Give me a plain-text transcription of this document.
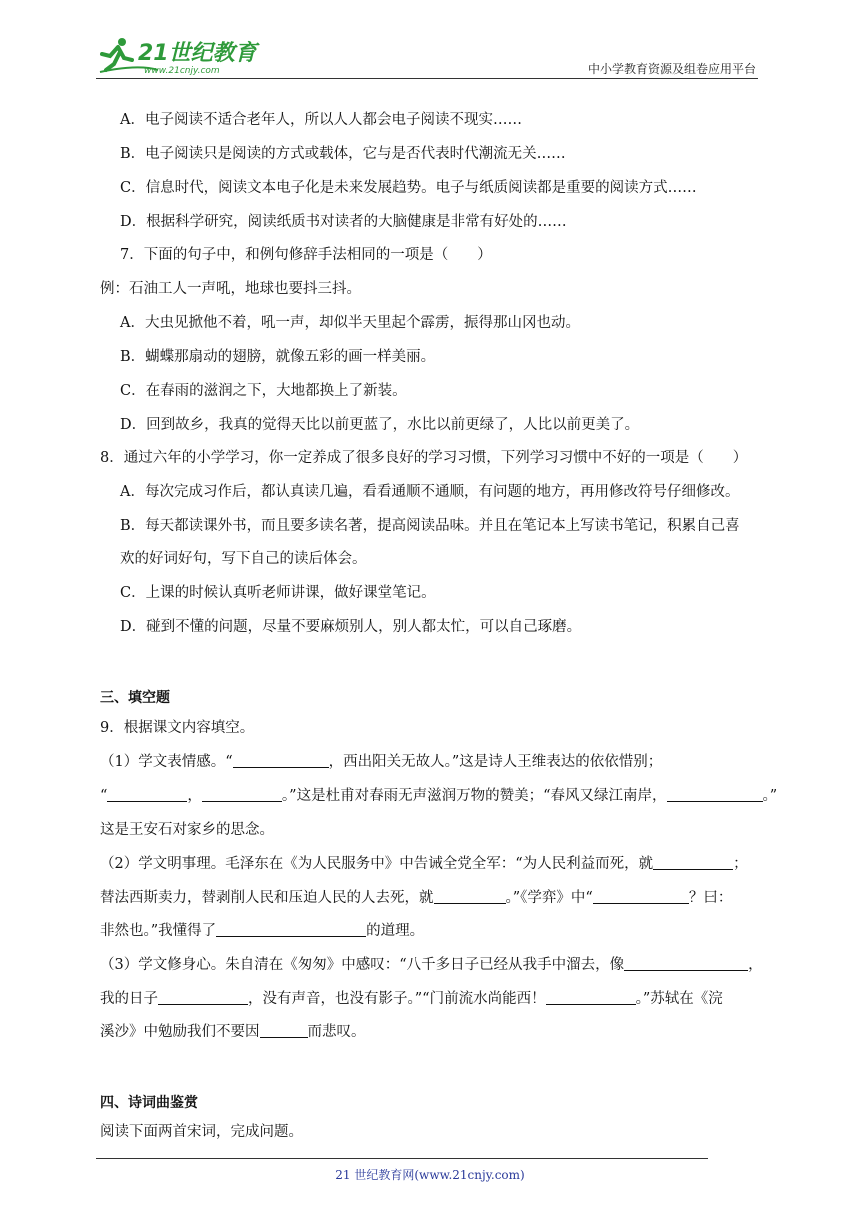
21世纪教育
www.21cnjy.com	中小学教育资源及组卷应用平台
A．电子阅读不适合老年人，所以人人都会电子阅读不现实……
B．电子阅读只是阅读的方式或载体，它与是否代表时代潮流无关……
C．信息时代，阅读文本电子化是未来发展趋势。电子与纸质阅读都是重要的阅读方式……
D．根据科学研究，阅读纸质书对读者的大脑健康是非常有好处的……
7．下面的句子中，和例句修辞手法相同的一项是（　　）
例：石油工人一声吼，地球也要抖三抖。
A．大虫见掀他不着，吼一声，却似半天里起个霹雳，振得那山冈也动。
B．蝴蝶那扇动的翅膀，就像五彩的画一样美丽。
C．在春雨的滋润之下，大地都换上了新装。
D．回到故乡，我真的觉得天比以前更蓝了，水比以前更绿了，人比以前更美了。
8．通过六年的小学学习，你一定养成了很多良好的学习习惯，下列学习习惯中不好的一项是（　　）
A．每次完成习作后，都认真读几遍，看看通顺不通顺，有问题的地方，再用修改符号仔细修改。
B．每天都读课外书，而且要多读名著，提高阅读品味。并且在笔记本上写读书笔记，积累自己喜
欢的好词好句，写下自己的读后体会。
C．上课的时候认真听老师讲课，做好课堂笔记。
D．碰到不懂的问题，尽量不要麻烦别人，别人都太忙，可以自己琢磨。
三、填空题
9．根据课文内容填空。
（1）学文表情感。“	，西出阳关无故人。”这是诗人王维表达的依依惜别；
“	，	。”这是杜甫对春雨无声滋润万物的赞美；“春风又绿江南岸，	。”
这是王安石对家乡的思念。
（2）学文明事理。毛泽东在《为人民服务中》中告诫全党全军：“为人民利益而死，就	；
替法西斯卖力，替剥削人民和压迫人民的人去死，就	。”《学弈》中“	？曰：
非然也。”我懂得了	的道理。
（3）学文修身心。朱自清在《匆匆》中感叹：“八千多日子已经从我手中溜去，像	，
我的日子	，没有声音，也没有影子。”“门前流水尚能西！	。”苏轼在《浣
溪沙》中勉励我们不要因	而悲叹。
四、诗词曲鉴赏
阅读下面两首宋词，完成问题。
21 世纪教育网(www.21cnjy.com)
